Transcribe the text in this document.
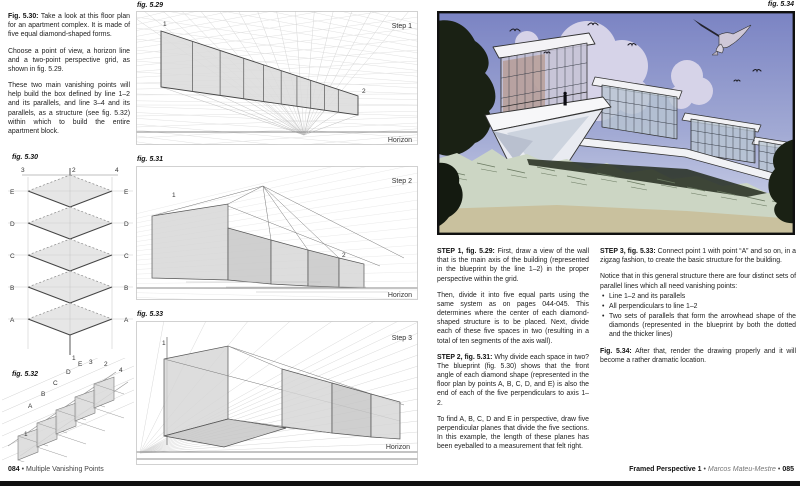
Fig. 5.30: Take a look at this floor plan for an apartment complex. It is made of five equal diamond-shaped forms.

Choose a point of view, a horizon line and a two-point perspective grid, as shown in fig. 5.29.

These two main vanishing points will help build the box defined by line 1–2 and its parallels, and line 3–4 and its parallels, as a structure (see fig. 5.32) within which to build the entire apartment block.

fig. 5.29
Step 1
Horizon
1
2
fig. 5.30
3	2	4
1
E	E
D	D
C	C
B	B
A	A
fig. 5.32
A
B
C
D
E 3 2
4
1
fig. 5.31
Step 2
Horizon
1
2
fig. 5.33
Step 3
Horizon
1
084 • Multiple Vanishing Points
fig. 5.34

STEP 1, fig. 5.29: First, draw a view of the wall that is the main axis of the building (represented in the blueprint by the line 1–2) in the proper perspective within the grid.

Then, divide it into five equal parts using the same system as on pages 044-045. This determines where the center of each diamond-shaped structure is to be placed. Next, divide each of these five spaces in two (resulting in a total of ten segments of the axis wall).

STEP 2, fig. 5.31: Why divide each space in two? The blueprint (fig. 5.30) shows that the front angle of each diamond shape (represented in the floor plan by points A, B, C, D, and E) is also the end of each of the five perpendiculars to axis 1–2.

To find A, B, C, D and E in perspective, draw five perpendicular planes that divide the five sections. In this example, the length of these planes has been eyeballed to a measurement that felt right.

STEP 3, fig. 5.33: Connect point 1 with point “A” and so on, in a zigzag fashion, to create the basic structure for the building.

Notice that in this general structure there are four distinct sets of parallel lines which all need vanishing points:

• Line 1–2 and its parallels
• All perpendiculars to line 1–2
• Two sets of parallels that form the arrowhead shape of the diamonds (represented in the blueprint by both the dotted and the thicker lines)

Fig. 5.34: After that, render the drawing properly and it will become a rather dramatic location.

Framed Perspective 1 • Marcos Mateu-Mestre • 085
